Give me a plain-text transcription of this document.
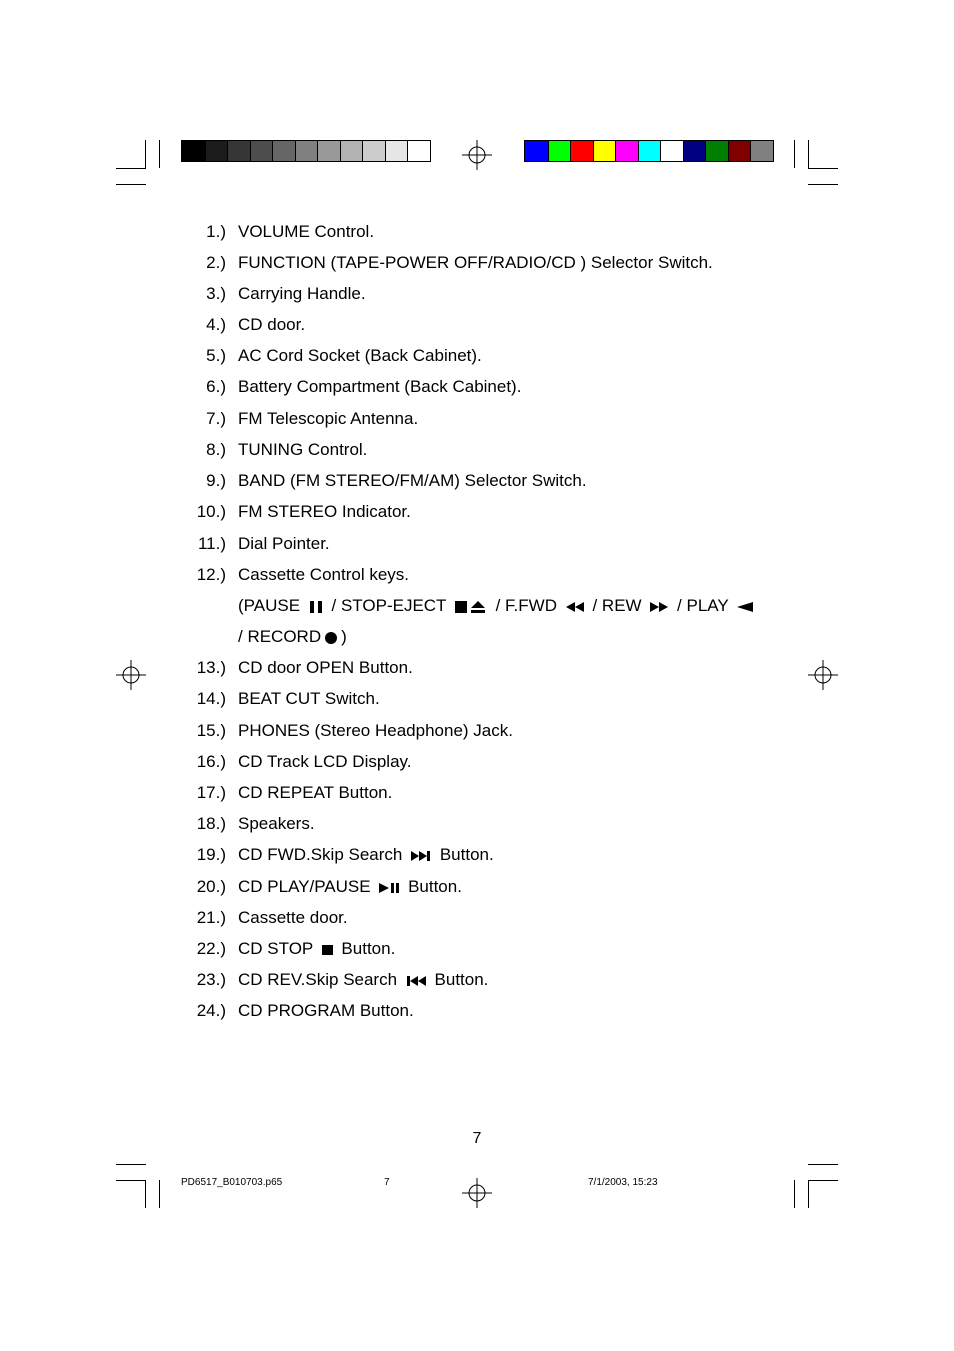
1.) VOLUME Control.
2.) FUNCTION (TAPE-POWER OFF/RADIO/CD ) Selector Switch.
3.) Carrying Handle.
4.) CD door.
5.) AC Cord Socket (Back Cabinet).
6.) Battery Compartment (Back Cabinet).
7.) FM Telescopic Antenna.
8.) TUNING Control.
9.) BAND (FM STEREO/FM/AM) Selector Switch.
10.) FM STEREO Indicator.
11.) Dial Pointer.
12.) Cassette Control keys.
(PAUSE / STOP-EJECT	/ F.FWD / REW / PLAY
/ RECORD )
13.) CD door OPEN Button.
14.) BEAT CUT Switch.
15.) PHONES (Stereo Headphone) Jack.
16.) CD Track LCD Display.
17.) CD REPEAT Button.
18.) Speakers.
19.) CD FWD.Skip Search Button.
20.) CD PLAY/PAUSE Button.
21.) Cassette door.
22.) CD STOP Button.
23.) CD REV.Skip Search Button.
24.) CD PROGRAM Button.
7
PD6517_B010703.p65	7	7/1/2003, 15:23
